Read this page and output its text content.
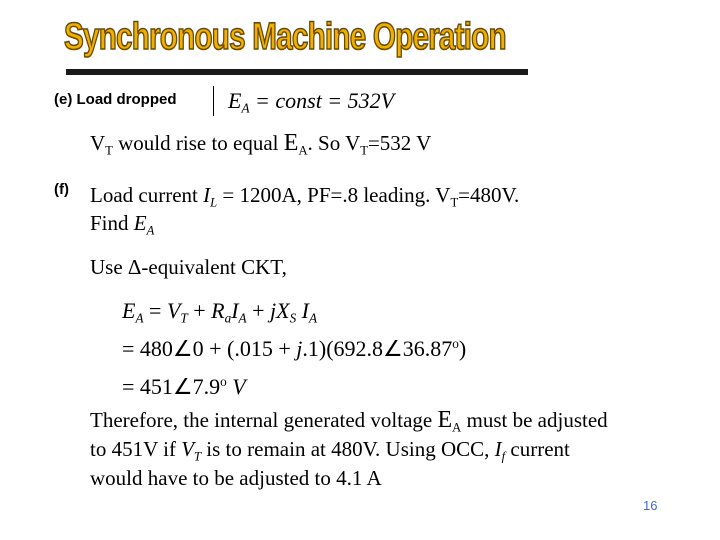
Synchronous Machine Operation
(e) Load dropped $E_A$ = const = 532V
$V_T$ would rise to equal $E_A$. So $V_T=532$ V
(f) Load current $I_L = 1200A$, PF=.8 leading. $V_T=480V$.
Find $E_A$
Use Δ-equivalent CKT,
$E_A = V_T + R_aI_A + jX_S$ $I_A$
= 480∠0 + $(.015 + j.1)(692.8\angle 36.87^o)$
= $451\angle 7.9^o$ V
Therefore, the internal generated voltage $E_A$ must be adjusted
to 451V if $V_T$ is to remain at 480V. Using OCC, $I_f$ current
would have to be adjusted to 4.1 A
16
